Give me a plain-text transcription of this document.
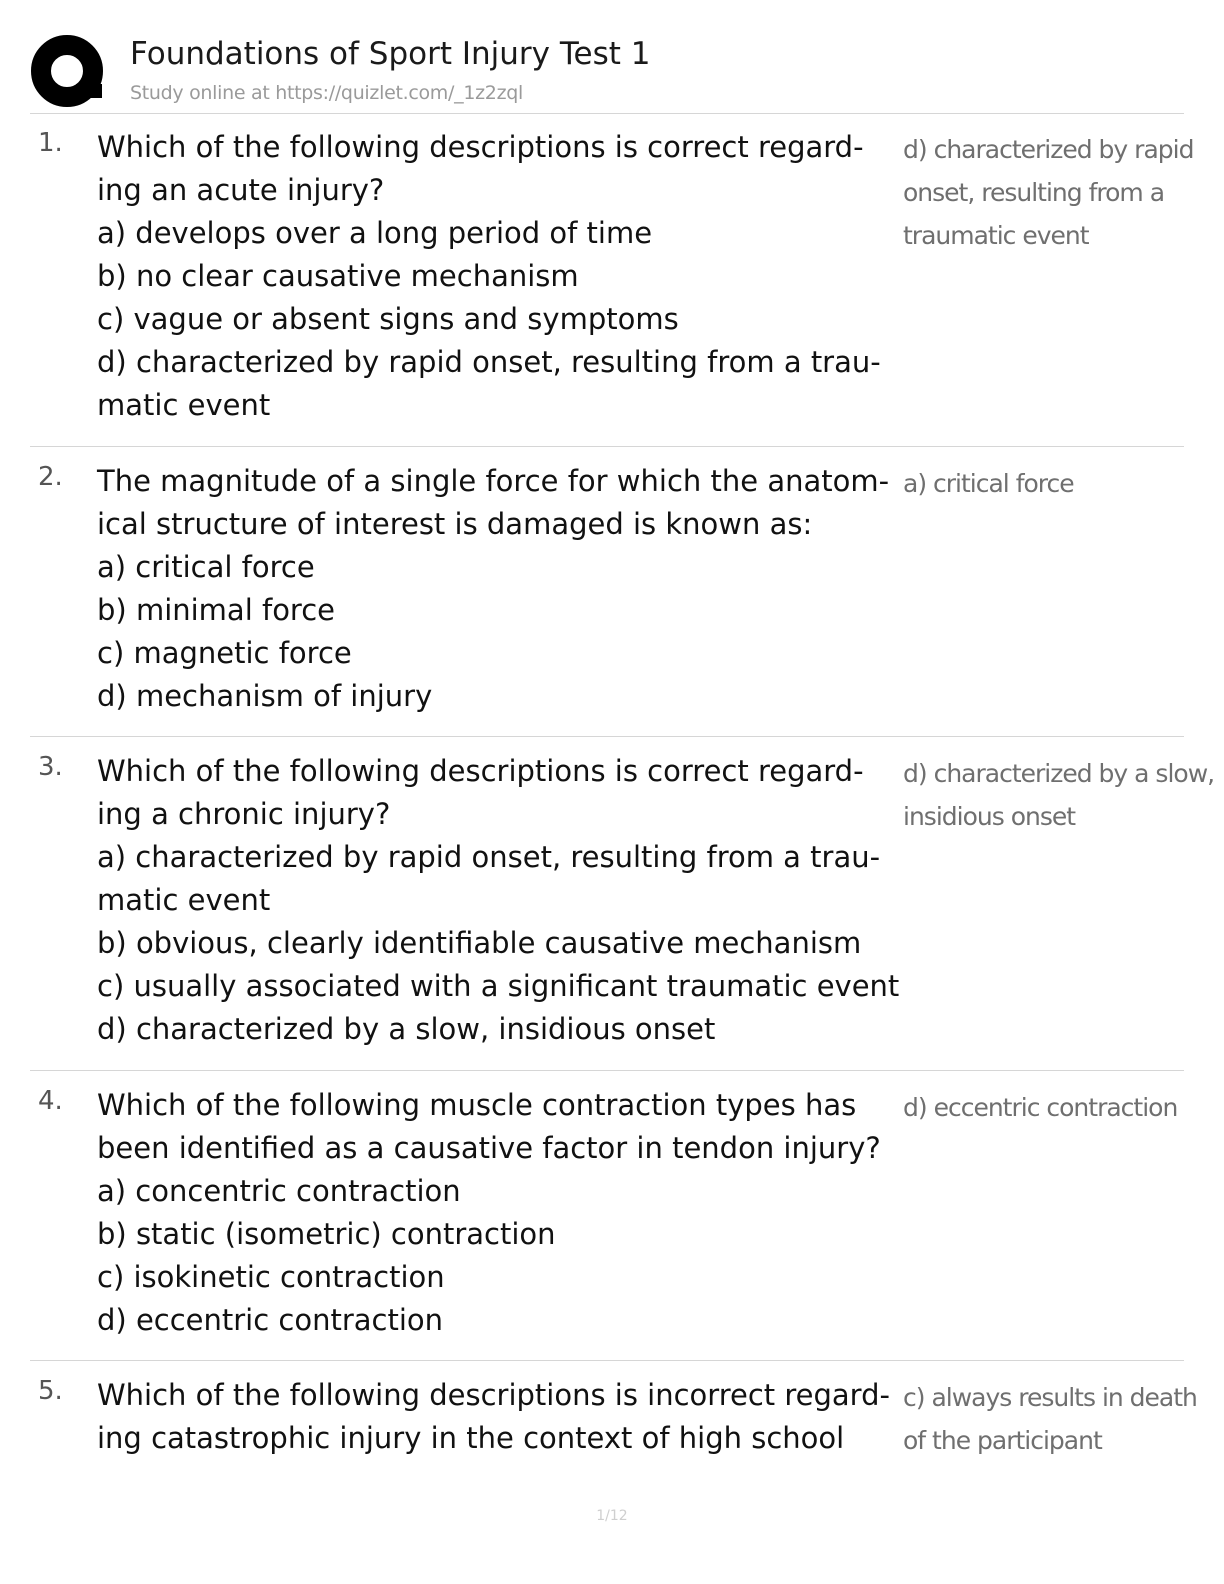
Foundations of Sport Injury Test 1
Study online at https://quizlet.com/_1z2zql
1. Which of the following descriptions is correct regard-
ing an acute injury?
a) develops over a long period of time
b) no clear causative mechanism
c) vague or absent signs and symptoms
d) characterized by rapid onset, resulting from a trau-
matic event
d) characterized by rapid
onset, resulting from a
traumatic event
2. The magnitude of a single force for which the anatom-
ical structure of interest is damaged is known as:
a) critical force
b) minimal force
c) magnetic force
d) mechanism of injury
a) critical force
3. Which of the following descriptions is correct regard-
ing a chronic injury?
a) characterized by rapid onset, resulting from a trau-
matic event
b) obvious, clearly identifiable causative mechanism
c) usually associated with a significant traumatic event
d) characterized by a slow, insidious onset
d) characterized by a slow,
insidious onset
4. Which of the following muscle contraction types has
been identified as a causative factor in tendon injury?
a) concentric contraction
b) static (isometric) contraction
c) isokinetic contraction
d) eccentric contraction
d) eccentric contraction
5. Which of the following descriptions is incorrect regard-
ing catastrophic injury in the context of high school
c) always results in death
of the participant
1/12
